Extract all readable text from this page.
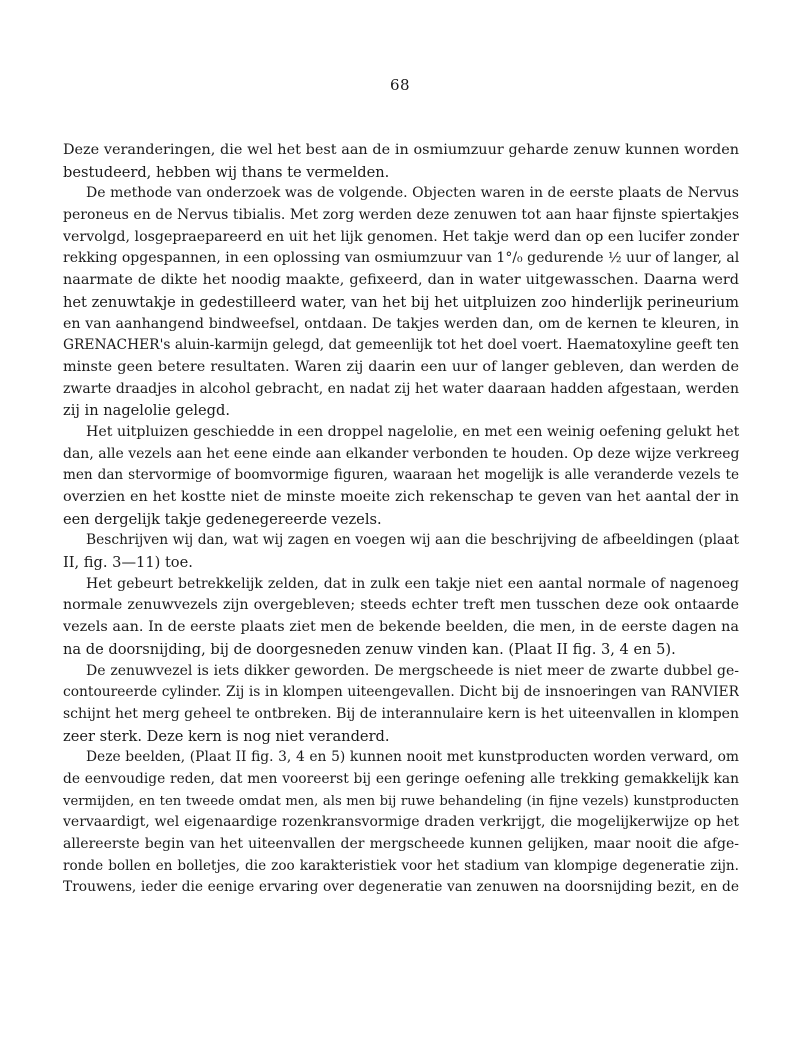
68
Deze veranderingen, die wel het best aan de in osmiumzuur geharde zenuw kunnen worden
bestudeerd, hebben wij thans te vermelden.
De methode van onderzoek was de volgende. Objecten waren in de eerste plaats de Nervus
peroneus en de Nervus tibialis. Met zorg werden deze zenuwen tot aan haar fijnste spiertakjes
vervolgd, losgepraepareerd en uit het lijk genomen. Het takje werd dan op een lucifer zonder
rekking opgespannen, in een oplossing van osmiumzuur van 1°/₀ gedurende ½ uur of langer, al
naarmate de dikte het noodig maakte, gefixeerd, dan in water uitgewasschen. Daarna werd
het zenuwtakje in gedestilleerd water, van het bij het uitpluizen zoo hinderlijk perineurium
en van aanhangend bindweefsel, ontdaan. De takjes werden dan, om de kernen te kleuren, in
GRENACHER's aluin-karmijn gelegd, dat gemeenlijk tot het doel voert. Haematoxyline geeft ten
minste geen betere resultaten. Waren zij daarin een uur of langer gebleven, dan werden de
zwarte draadjes in alcohol gebracht, en nadat zij het water daaraan hadden afgestaan, werden
zij in nagelolie gelegd.
Het uitpluizen geschiedde in een droppel nagelolie, en met een weinig oefening gelukt het
dan, alle vezels aan het eene einde aan elkander verbonden te houden. Op deze wijze verkreeg
men dan stervormige of boomvormige figuren, waaraan het mogelijk is alle veranderde vezels te
overzien en het kostte niet de minste moeite zich rekenschap te geven van het aantal der in
een dergelijk takje gedenegereerde vezels.
Beschrijven wij dan, wat wij zagen en voegen wij aan die beschrijving de afbeeldingen (plaat
II, fig. 3—11) toe.
Het gebeurt betrekkelijk zelden, dat in zulk een takje niet een aantal normale of nagenoeg
normale zenuwvezels zijn overgebleven; steeds echter treft men tusschen deze ook ontaarde
vezels aan. In de eerste plaats ziet men de bekende beelden, die men, in de eerste dagen na
na de doorsnijding, bij de doorgesneden zenuw vinden kan. (Plaat II fig. 3, 4 en 5).
De zenuwvezel is iets dikker geworden. De mergscheede is niet meer de zwarte dubbel ge-
contoureerde cylinder. Zij is in klompen uiteengevallen. Dicht bij de insnoeringen van RANVIER
schijnt het merg geheel te ontbreken. Bij de interannulaire kern is het uiteenvallen in klompen
zeer sterk. Deze kern is nog niet veranderd.
Deze beelden, (Plaat II fig. 3, 4 en 5) kunnen nooit met kunstproducten worden verward, om
de eenvoudige reden, dat men vooreerst bij een geringe oefening alle trekking gemakkelijk kan
vermijden, en ten tweede omdat men, als men bij ruwe behandeling (in fijne vezels) kunstproducten
vervaardigt, wel eigenaardige rozenkransvormige draden verkrijgt, die mogelijkerwijze op het
allereerste begin van het uiteenvallen der mergscheede kunnen gelijken, maar nooit die afge-
ronde bollen en bolletjes, die zoo karakteristiek voor het stadium van klompige degeneratie zijn.
Trouwens, ieder die eenige ervaring over degeneratie van zenuwen na doorsnijding bezit, en de
